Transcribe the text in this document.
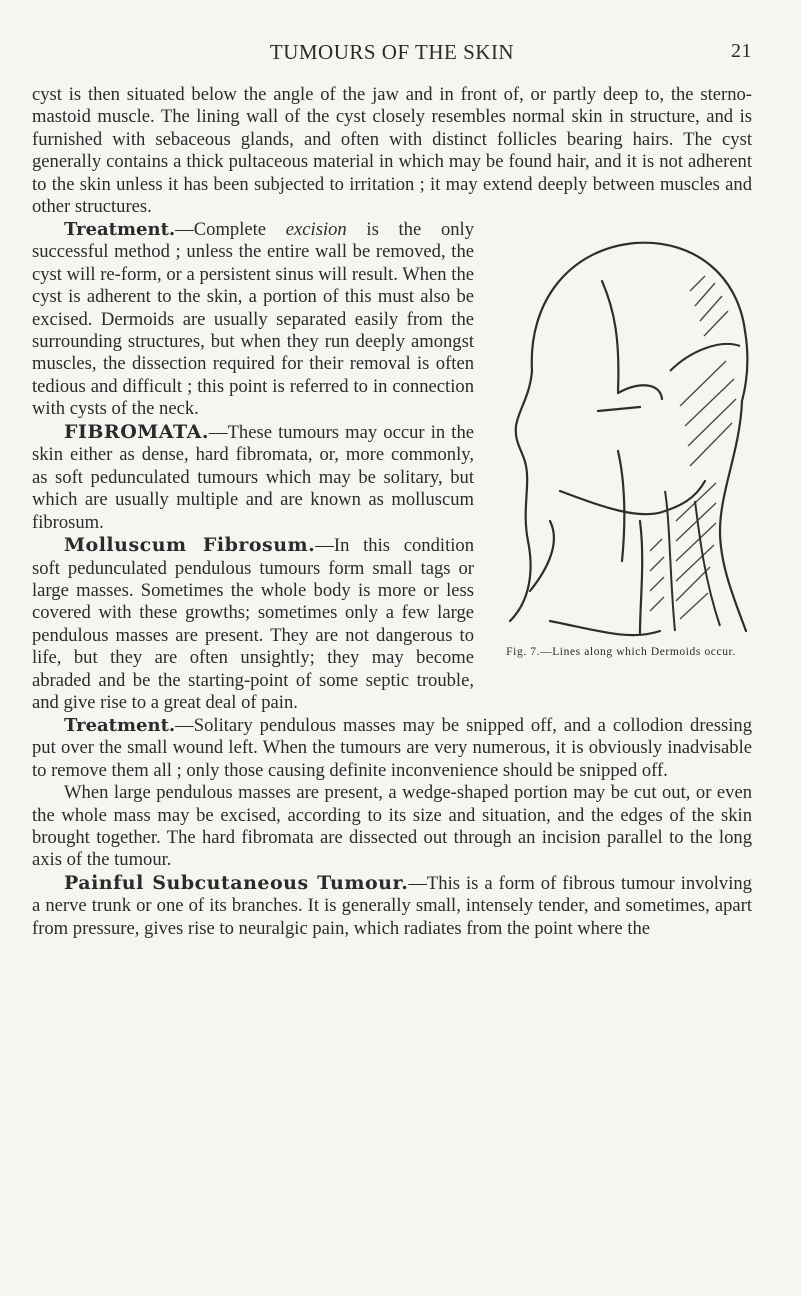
TUMOURS OF THE SKIN	21

cyst is then situated below the angle of the jaw and in front of, or partly deep to, the sterno-mastoid muscle. The lining wall of the cyst closely resembles normal skin in structure, and is furnished with sebaceous glands, and often with distinct follicles bearing hairs. The cyst generally contains a thick pultaceous material in which may be found hair, and it is not adherent to the skin unless it has been subjected to irritation ; it may extend deeply between muscles and other structures.

Fig. 7.—Lines along which Dermoids occur.

Treatment.—Complete excision is the only successful method ; unless the entire wall be removed, the cyst will re-form, or a persistent sinus will result. When the cyst is adherent to the skin, a portion of this must also be excised. Dermoids are usually separated easily from the surrounding structures, but when they run deeply amongst muscles, the dissection required for their removal is often tedious and difficult ; this point is referred to in connection with cysts of the neck.

FIBROMATA.—These tumours may occur in the skin either as dense, hard fibromata, or, more commonly, as soft pedunculated tumours which may be solitary, but which are usually multiple and are known as molluscum fibrosum.

Molluscum Fibrosum.—In this condition soft pedunculated pendulous tumours form small tags or large masses. Sometimes the whole body is more or less covered with these growths; sometimes only a few large pendulous masses are present. They are not dangerous to life, but they are often unsightly; they may become abraded and be the starting-point of some septic trouble, and give rise to a great deal of pain.

Treatment.—Solitary pendulous masses may be snipped off, and a collodion dressing put over the small wound left. When the tumours are very numerous, it is obviously inadvisable to remove them all ; only those causing definite inconvenience should be snipped off.

When large pendulous masses are present, a wedge-shaped portion may be cut out, or even the whole mass may be excised, according to its size and situation, and the edges of the skin brought together. The hard fibromata are dissected out through an incision parallel to the long axis of the tumour.

Painful Subcutaneous Tumour.—This is a form of fibrous tumour involving a nerve trunk or one of its branches. It is generally small, intensely tender, and sometimes, apart from pressure, gives rise to neuralgic pain, which radiates from the point where the
